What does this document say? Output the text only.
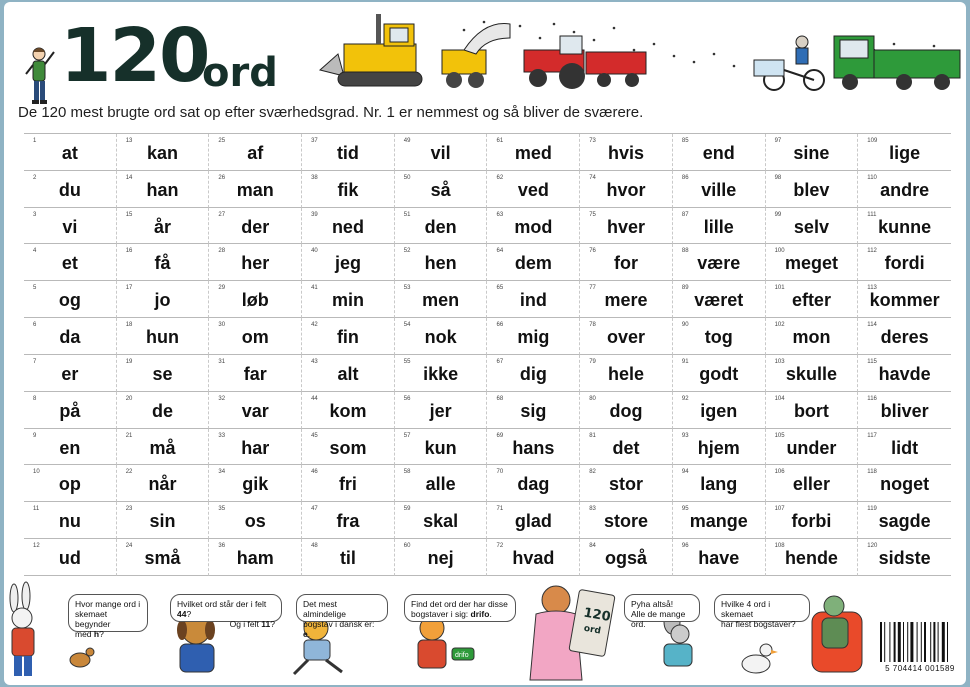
120
ord
De 120 mest brugte ord sat op efter sværhedsgrad. Nr. 1 er nemmest og så bliver de sværere.
1
at
2
du
3
vi
4
et
5
og
6
da
7
er
8
på
9
en
10
op
11
nu
12
ud
13
kan
14
han
15
år
16
få
17
jo
18
hun
19
se
20
de
21
må
22
når
23
sin
24
små
25
af
26
man
27
der
28
her
29
løb
30
om
31
far
32
var
33
har
34
gik
35
os
36
ham
37
tid
38
fik
39
ned
40
jeg
41
min
42
fin
43
alt
44
kom
45
som
46
fri
47
fra
48
til
49
vil
50
så
51
den
52
hen
53
men
54
nok
55
ikke
56
jer
57
kun
58
alle
59
skal
60
nej
61
med
62
ved
63
mod
64
dem
65
ind
66
mig
67
dig
68
sig
69
hans
70
dag
71
glad
72
hvad
73
hvis
74
hvor
75
hver
76
for
77
mere
78
over
79
hele
80
dog
81
det
82
stor
83
store
84
også
85
end
86
ville
87
lille
88
være
89
været
90
tog
91
godt
92
igen
93
hjem
94
lang
95
mange
96
have
97
sine
98
blev
99
selv
100
meget
101
efter
102
mon
103
skulle
104
bort
105
under
106
eller
107
forbi
108
hende
109
lige
110
andre
111
kunne
112
fordi
113
kommer
114
deres
115
havde
116
bliver
117
lidt
118
noget
119
sagde
120
sidste
drifo
120
ord
Hvor mange ord i
skemaet begynder
med h?
Hvilket ord står der i felt 44?
Og i felt 11?
Det mest almindelige
bogstav i dansk er: e.
Find det ord der har disse
bogstaver i sig: drifo.
Pyha altså!
Alle de mange ord.
Hvilke 4 ord i skemaet
har flest bogstaver?
5 704414 001589
